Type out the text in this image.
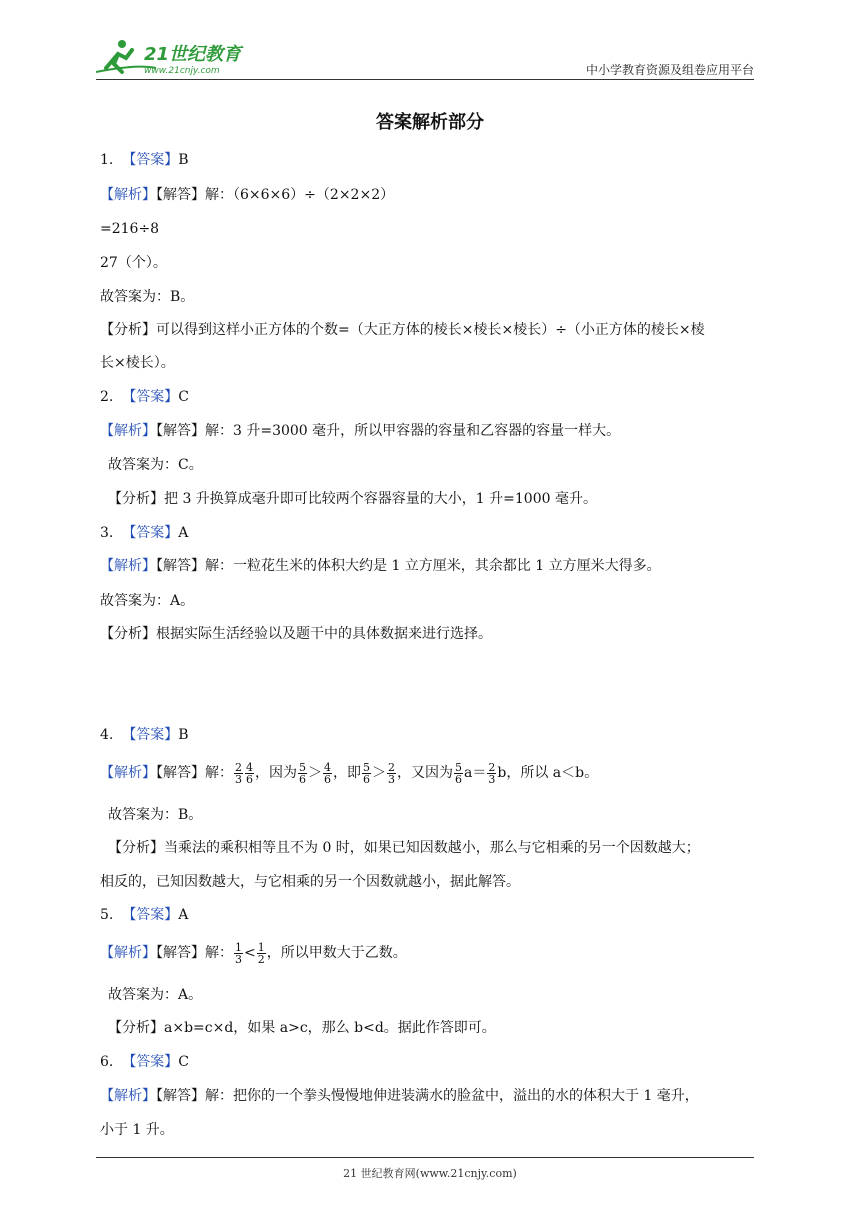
21世纪教育
www.21cnjy.com	中小学教育资源及组卷应用平台
答案解析部分
1. 【答案】B
【解析】【解答】解：（6×6×6）÷（2×2×2）
=216÷8
27（个）。
故答案为：B。
【分析】可以得到这样小正方体的个数=（大正方体的棱长×棱长×棱长）÷（小正方体的棱长×棱
长×棱长）。
2. 【答案】C
【解析】【解答】解：3 升=3000 毫升，所以甲容器的容量和乙容器的容量一样大。
故答案为：C。
【分析】把 3 升换算成毫升即可比较两个容器容量的大小，1 升=1000 毫升。
3. 【答案】A
【解析】【解答】解：一粒花生米的体积大约是 1 立方厘米，其余都比 1 立方厘米大得多。
故答案为：A。
【分析】根据实际生活经验以及题干中的具体数据来进行选择。
4. 【答案】B
【解析】【解答】解： $\frac{2}{3} \frac{4}{6}$ ，因为 $\frac{5}{6} > \frac{4}{6}$ ，即 $\frac{5}{6} > \frac{2}{3}$ ，又因为 $\frac{5}{6} a= \frac{2}{3}$ b，所以 a＜b。
故答案为：B。
【分析】当乘法的乘积相等且不为 0 时，如果已知因数越小，那么与它相乘的另一个因数越大；
相反的，已知因数越大，与它相乘的另一个因数就越小，据此解答。
5. 【答案】A
【解析】【解答】解： $\frac{1}{3} < \frac{1}{2}$ ，所以甲数大于乙数。
故答案为：A。
【分析】a×b=c×d，如果 a>c，那么 b<d。据此作答即可。
6. 【答案】C
【解析】【解答】解：把你的一个拳头慢慢地伸进装满水的脸盆中，溢出的水的体积大于 1 毫升，
小于 1 升。
21 世纪教育网(www.21cnjy.com)
